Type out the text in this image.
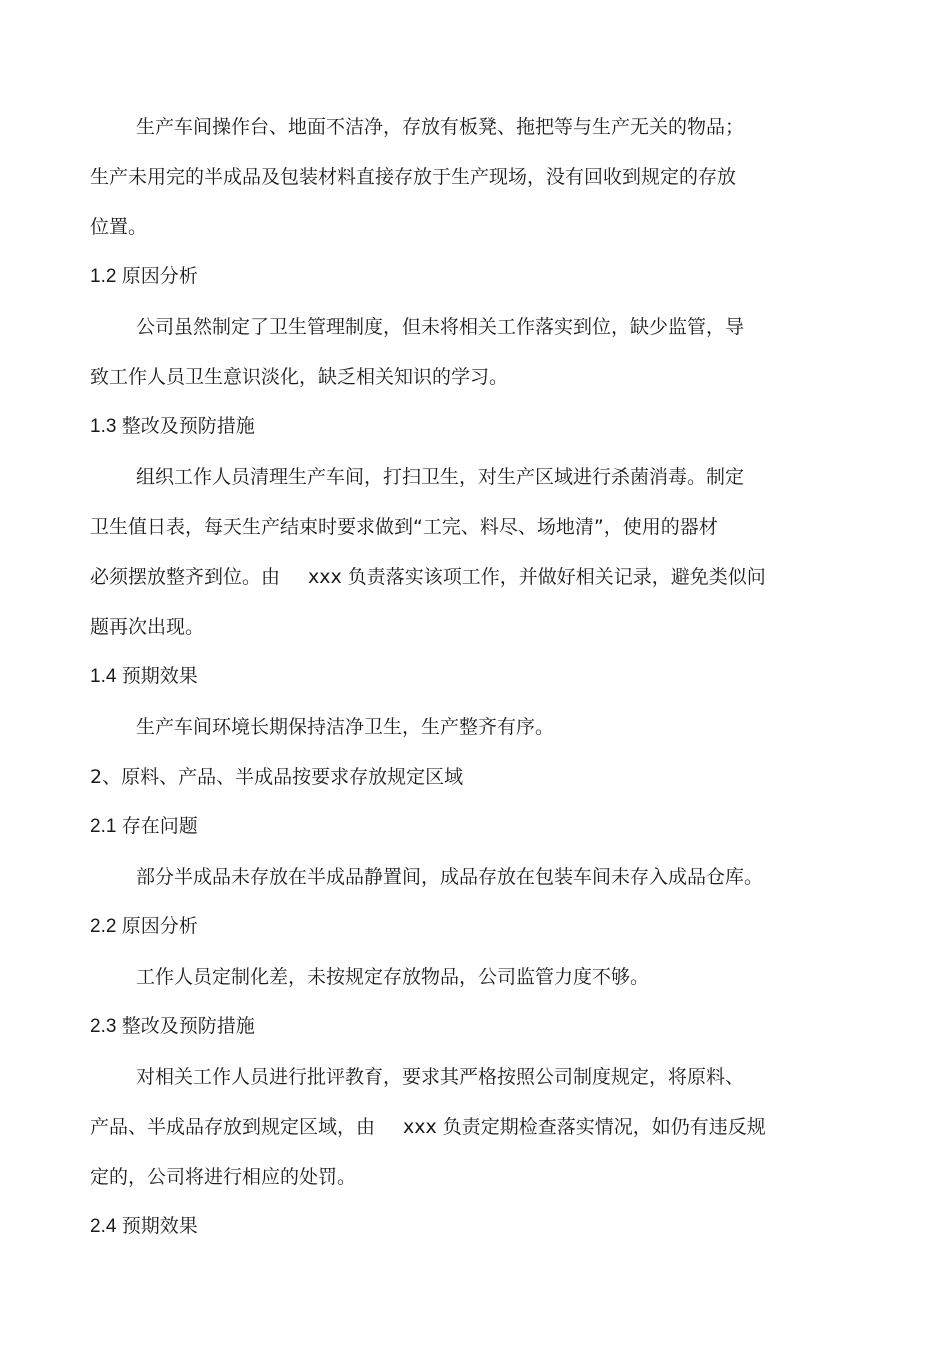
生产车间操作台、地面不洁净，存放有板凳、拖把等与生产无关的物品；
生产未用完的半成品及包装材料直接存放于生产现场，没有回收到规定的存放
位置。
1.2 原因分析
公司虽然制定了卫生管理制度，但未将相关工作落实到位，缺少监管，导
致工作人员卫生意识淡化，缺乏相关知识的学习。
1.3 整改及预防措施
组织工作人员清理生产车间，打扫卫生，对生产区域进行杀菌消毒。制定
卫生值日表，每天生产结束时要求做到“工完、料尽、场地清”，使用的器材
必须摆放整齐到位。由 xxx 负责落实该项工作，并做好相关记录，避免类似问
题再次出现。
1.4 预期效果
生产车间环境长期保持洁净卫生，生产整齐有序。
2、原料、产品、半成品按要求存放规定区域
2.1 存在问题
部分半成品未存放在半成品静置间，成品存放在包装车间未存入成品仓库。
2.2 原因分析
工作人员定制化差，未按规定存放物品，公司监管力度不够。
2.3 整改及预防措施
对相关工作人员进行批评教育，要求其严格按照公司制度规定，将原料、
产品、半成品存放到规定区域，由 xxx 负责定期检查落实情况，如仍有违反规
定的，公司将进行相应的处罚。
2.4 预期效果
